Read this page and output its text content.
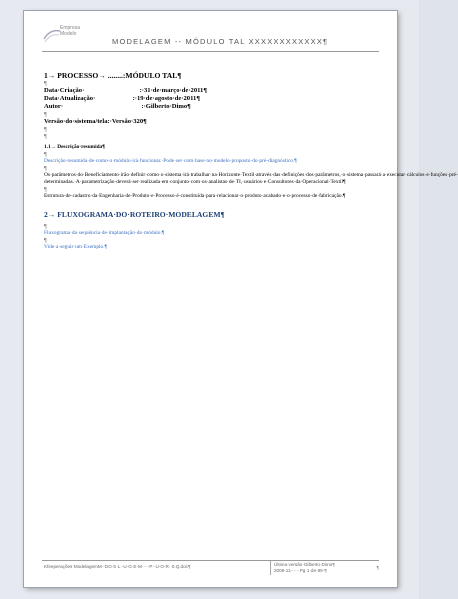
Empresa
Modelo
MODELAGEM -- MÓDULO TAL XXXXXXXXXXXX¶
1→ PROCESSO→ ........:MÓDULO TAL¶
¶
Data·Criação·	:·31·de·março·de·2011¶
Data·Atualização·	:·19·de·agosto·de·2011¶
Autor·	:·Gilberto·Dimo¶
¶
Versão·do·sistema/tela:·Versão·320¶
¶
¶
1.1→ Descrição·resumida¶
¶
Descrição·resumida·de·como·o·módulo·irá·funcionar.·Pode·ser·com·base·no·modelo·proposto·do·pré-diagnóstico.¶
¶
Os·parâmetros·do·Beneficiamento·irão·definir·como·o·sistema·irá·trabalhar·na·Horizonte·Textil·através·das·definições·dos·parâmetros,·o·sistema·passará·a·executar·cálculos·e·funções·pré-determinadas.·A·parametrização·deverá·ser·realizada·em·conjunto·com·os·analistas·de·TI,·usuários·e·Consultores·da·Operacional·Textil¶
¶
Estrutura·de·cadastro·da·Engenharia·de·Produto·e·Processo·é·constituída·para·relacionar·o·produto·acabado·e·o·processo·de·fabricação.¶
2→ FLUXOGRAMA·DO·ROTEIRO·MODELAGEM¶
¶
Fluxograma·da·sequência·de·implantação·do·módulo.¶
¶
Vide·a·seguir·um·Exemplo.¶
Kfeeperações·ModelagemM··DO·S·L··U·G·E·M·····P··U·O·R··0.Q.doc¶	Última·versão·Gilberto·Dimo¶
2008-11-·····Pg·1·de·99·¶
¶
